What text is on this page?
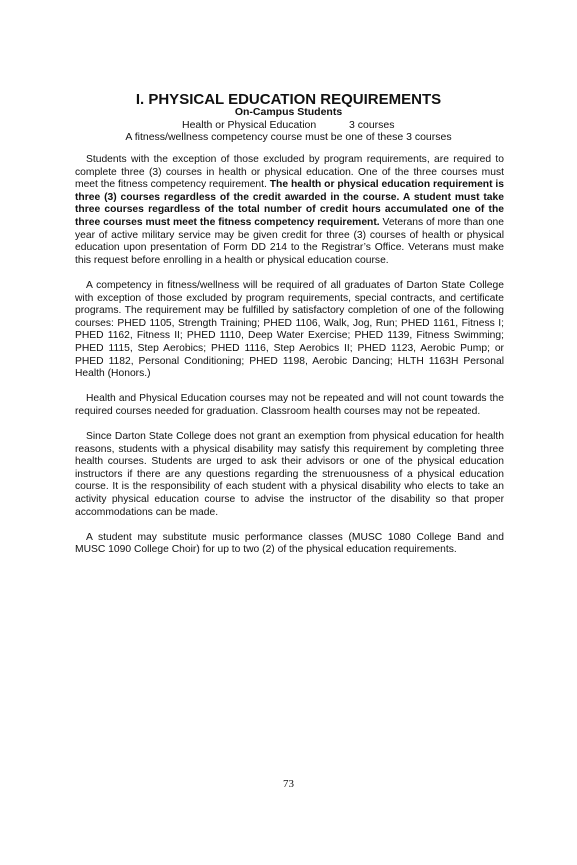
I. PHYSICAL EDUCATION REQUIREMENTS
On-Campus Students
Health or Physical Education	3 courses
A fitness/wellness competency course must be one of these 3 courses

Students with the exception of those excluded by program requirements, are required to complete three (3) courses in health or physical education. One of the three courses must meet the fitness competency requirement. The health or physical education requirement is three (3) courses regardless of the credit awarded in the course. A student must take three courses regardless of the total number of credit hours accumulated one of the three courses must meet the fitness competency requirement. Veterans of more than one year of active military service may be given credit for three (3) courses of health or physical education upon presentation of Form DD 214 to the Registrar’s Office. Veterans must make this request before enrolling in a health or physical education course.

A competency in fitness/wellness will be required of all graduates of Darton State College with exception of those excluded by program requirements, special contracts, and certificate programs. The requirement may be fulfilled by satisfactory completion of one of the following courses: PHED 1105, Strength Training; PHED 1106, Walk, Jog, Run; PHED 1161, Fitness I; PHED 1162, Fitness II; PHED 1110, Deep Water Exercise; PHED 1139, Fitness Swimming; PHED 1115, Step Aerobics; PHED 1116, Step Aerobics II; PHED 1123, Aerobic Pump; or PHED 1182, Personal Conditioning; PHED 1198, Aerobic Dancing; HLTH 1163H Personal Health (Honors.)

Health and Physical Education courses may not be repeated and will not count towards the required courses needed for graduation. Classroom health courses may not be repeated.

Since Darton State College does not grant an exemption from physical education for health reasons, students with a physical disability may satisfy this requirement by completing three health courses. Students are urged to ask their advisors or one of the physical education instructors if there are any questions regarding the strenuousness of a physical education course. It is the responsibility of each student with a physical disability who elects to take an activity physical education course to advise the instructor of the disability so that proper accommodations can be made.

A student may substitute music performance classes (MUSC 1080 College Band and MUSC 1090 College Choir) for up to two (2) of the physical education requirements.

73
